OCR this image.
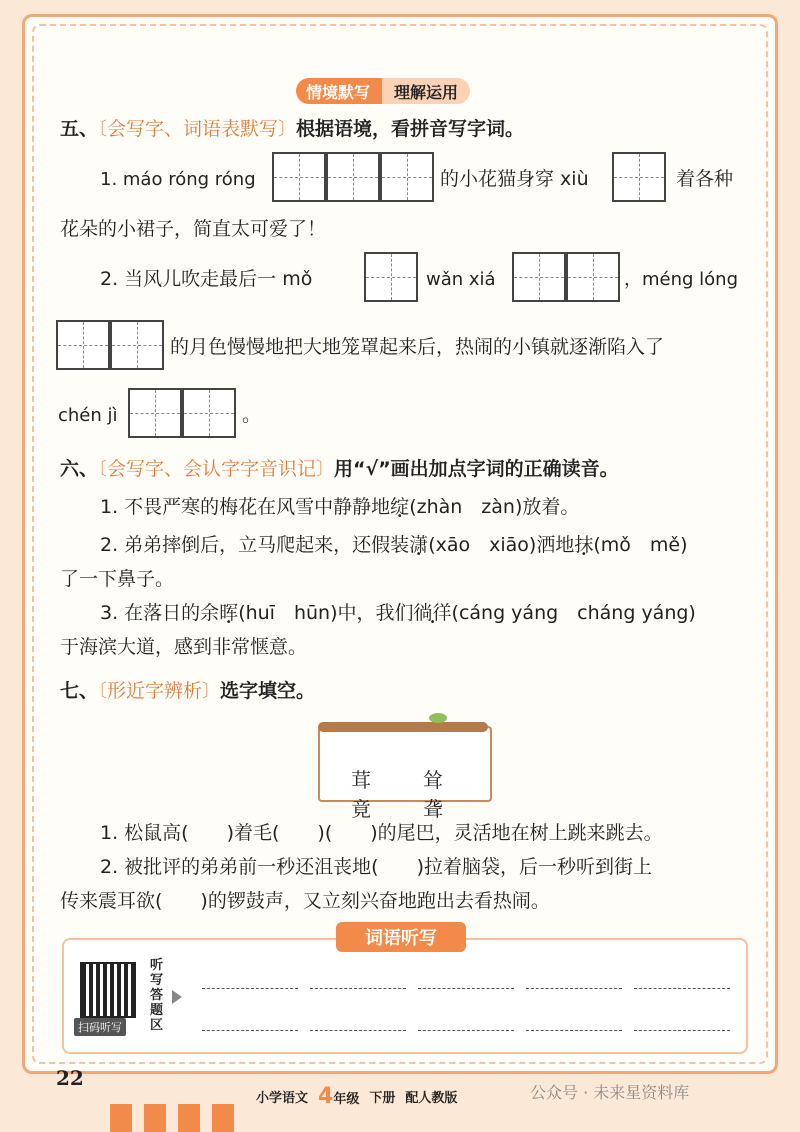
情境默写	理解运用
五、〔会写字、词语表默写〕根据语境，看拼音写字词。
1. máo róng róng	的小花猫身穿 xiù	着各种
花朵的小裙子，简直太可爱了！
2. 当风儿吹走最后一 mǒ	wǎn xiá	，méng lóng
的月色慢慢地把大地笼罩起来后，热闹的小镇就逐渐陷入了
chén jì	。
六、〔会写字、会认字字音识记〕用“√”画出加点字词的正确读音。
1. 不畏严寒的梅花在风雪中静静地绽(zhàn　zàn)放着。
2. 弟弟摔倒后，立马爬起来，还假装潇(xāo　xiāo)洒地抹(mǒ　mě)
了一下鼻子。
3. 在落日的余晖(huī　hūn)中，我们徜徉(cáng yáng　cháng yáng)
于海滨大道，感到非常惬意。
七、〔形近字辨析〕选字填空。
茸　耸　竟　聋
1. 松鼠高(　　)着毛(　　)(　　)的尾巴，灵活地在树上跳来跳去。
2. 被批评的弟弟前一秒还沮丧地(　　)拉着脑袋，后一秒听到街上
传来震耳欲(　　)的锣鼓声，又立刻兴奋地跑出去看热闹。
词语听写
扫码听写
听写答题区
22
小学语文 4年级 下册 配人教版	公众号 · 未来星资料库
